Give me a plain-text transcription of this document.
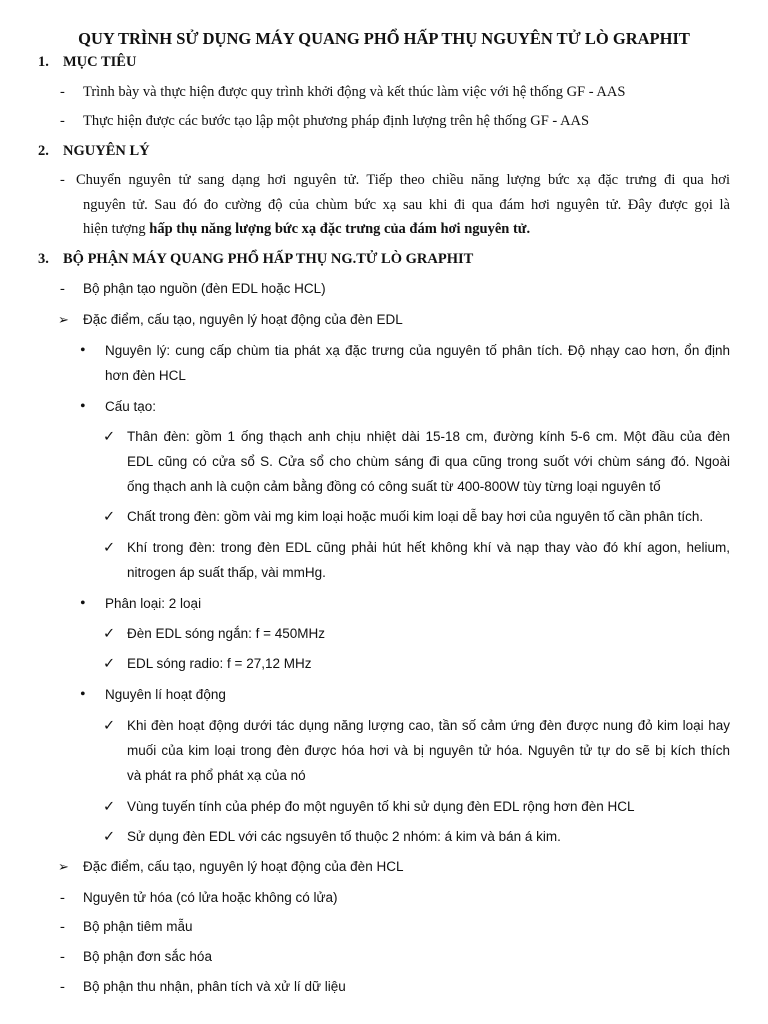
QUY TRÌNH SỬ DỤNG MÁY QUANG PHỔ HẤP THỤ NGUYÊN TỬ LÒ GRAPHIT
1. MỤC TIÊU
- Trình bày và thực hiện được quy trình khởi động và kết thúc làm việc với hệ thống GF - AAS
- Thực hiện được các bước tạo lập một phương pháp định lượng trên hệ thống GF - AAS
2. NGUYÊN LÝ
- Chuyển nguyên tử sang dạng hơi nguyên tử. Tiếp theo chiều năng lượng bức xạ đặc trưng đi qua hơi
nguyên tử. Sau đó đo cường độ của chùm bức xạ sau khi đi qua đám hơi nguyên tử. Đây được gọi là
hiện tượng hấp thụ năng lượng bức xạ đặc trưng của đám hơi nguyên tử.
3. BỘ PHẬN MÁY QUANG PHỔ HẤP THỤ NG.TỬ LÒ GRAPHIT
- Bộ phận tạo nguồn (đèn EDL hoặc HCL)
➢ Đặc điểm, cấu tạo, nguyên lý hoạt động của đèn EDL
• Nguyên lý: cung cấp chùm tia phát xạ đặc trưng của nguyên tố phân tích. Độ nhạy cao hơn, ổn định
hơn đèn HCL
• Cấu tạo:
✓ Thân đèn: gồm 1 ống thạch anh chịu nhiệt dài 15-18 cm, đường kính 5-6 cm. Một đầu của đèn
EDL cũng có cửa sổ S. Cửa sổ cho chùm sáng đi qua cũng trong suốt với chùm sáng đó. Ngoài
ống thạch anh là cuộn cảm bằng đồng có công suất từ 400-800W tùy từng loại nguyên tố
✓ Chất trong đèn: gồm vài mg kim loại hoặc muối kim loại dễ bay hơi của nguyên tố cần phân tích.
✓ Khí trong đèn: trong đèn EDL cũng phải hút hết không khí và nạp thay vào đó khí agon, helium,
nitrogen áp suất thấp, vài mmHg.
• Phân loại: 2 loại
✓ Đèn EDL sóng ngắn: f = 450MHz
✓ EDL sóng radio: f = 27,12 MHz
• Nguyên lí hoạt động
✓ Khi đèn hoạt động dưới tác dụng năng lượng cao, tần số cảm ứng đèn được nung đỏ kim loại hay
muối của kim loại trong đèn được hóa hơi và bị nguyên tử hóa. Nguyên tử tự do sẽ bị kích thích
và phát ra phổ phát xạ của nó
✓ Vùng tuyến tính của phép đo một nguyên tố khi sử dụng đèn EDL rộng hơn đèn HCL
✓ Sử dụng đèn EDL với các ngsuyên tố thuộc 2 nhóm: á kim và bán á kim.
➢ Đặc điểm, cấu tạo, nguyên lý hoạt động của đèn HCL
- Nguyên tử hóa (có lửa hoặc không có lửa)
- Bộ phận tiêm mẫu
- Bộ phận đơn sắc hóa
- Bộ phận thu nhận, phân tích và xử lí dữ liệu
